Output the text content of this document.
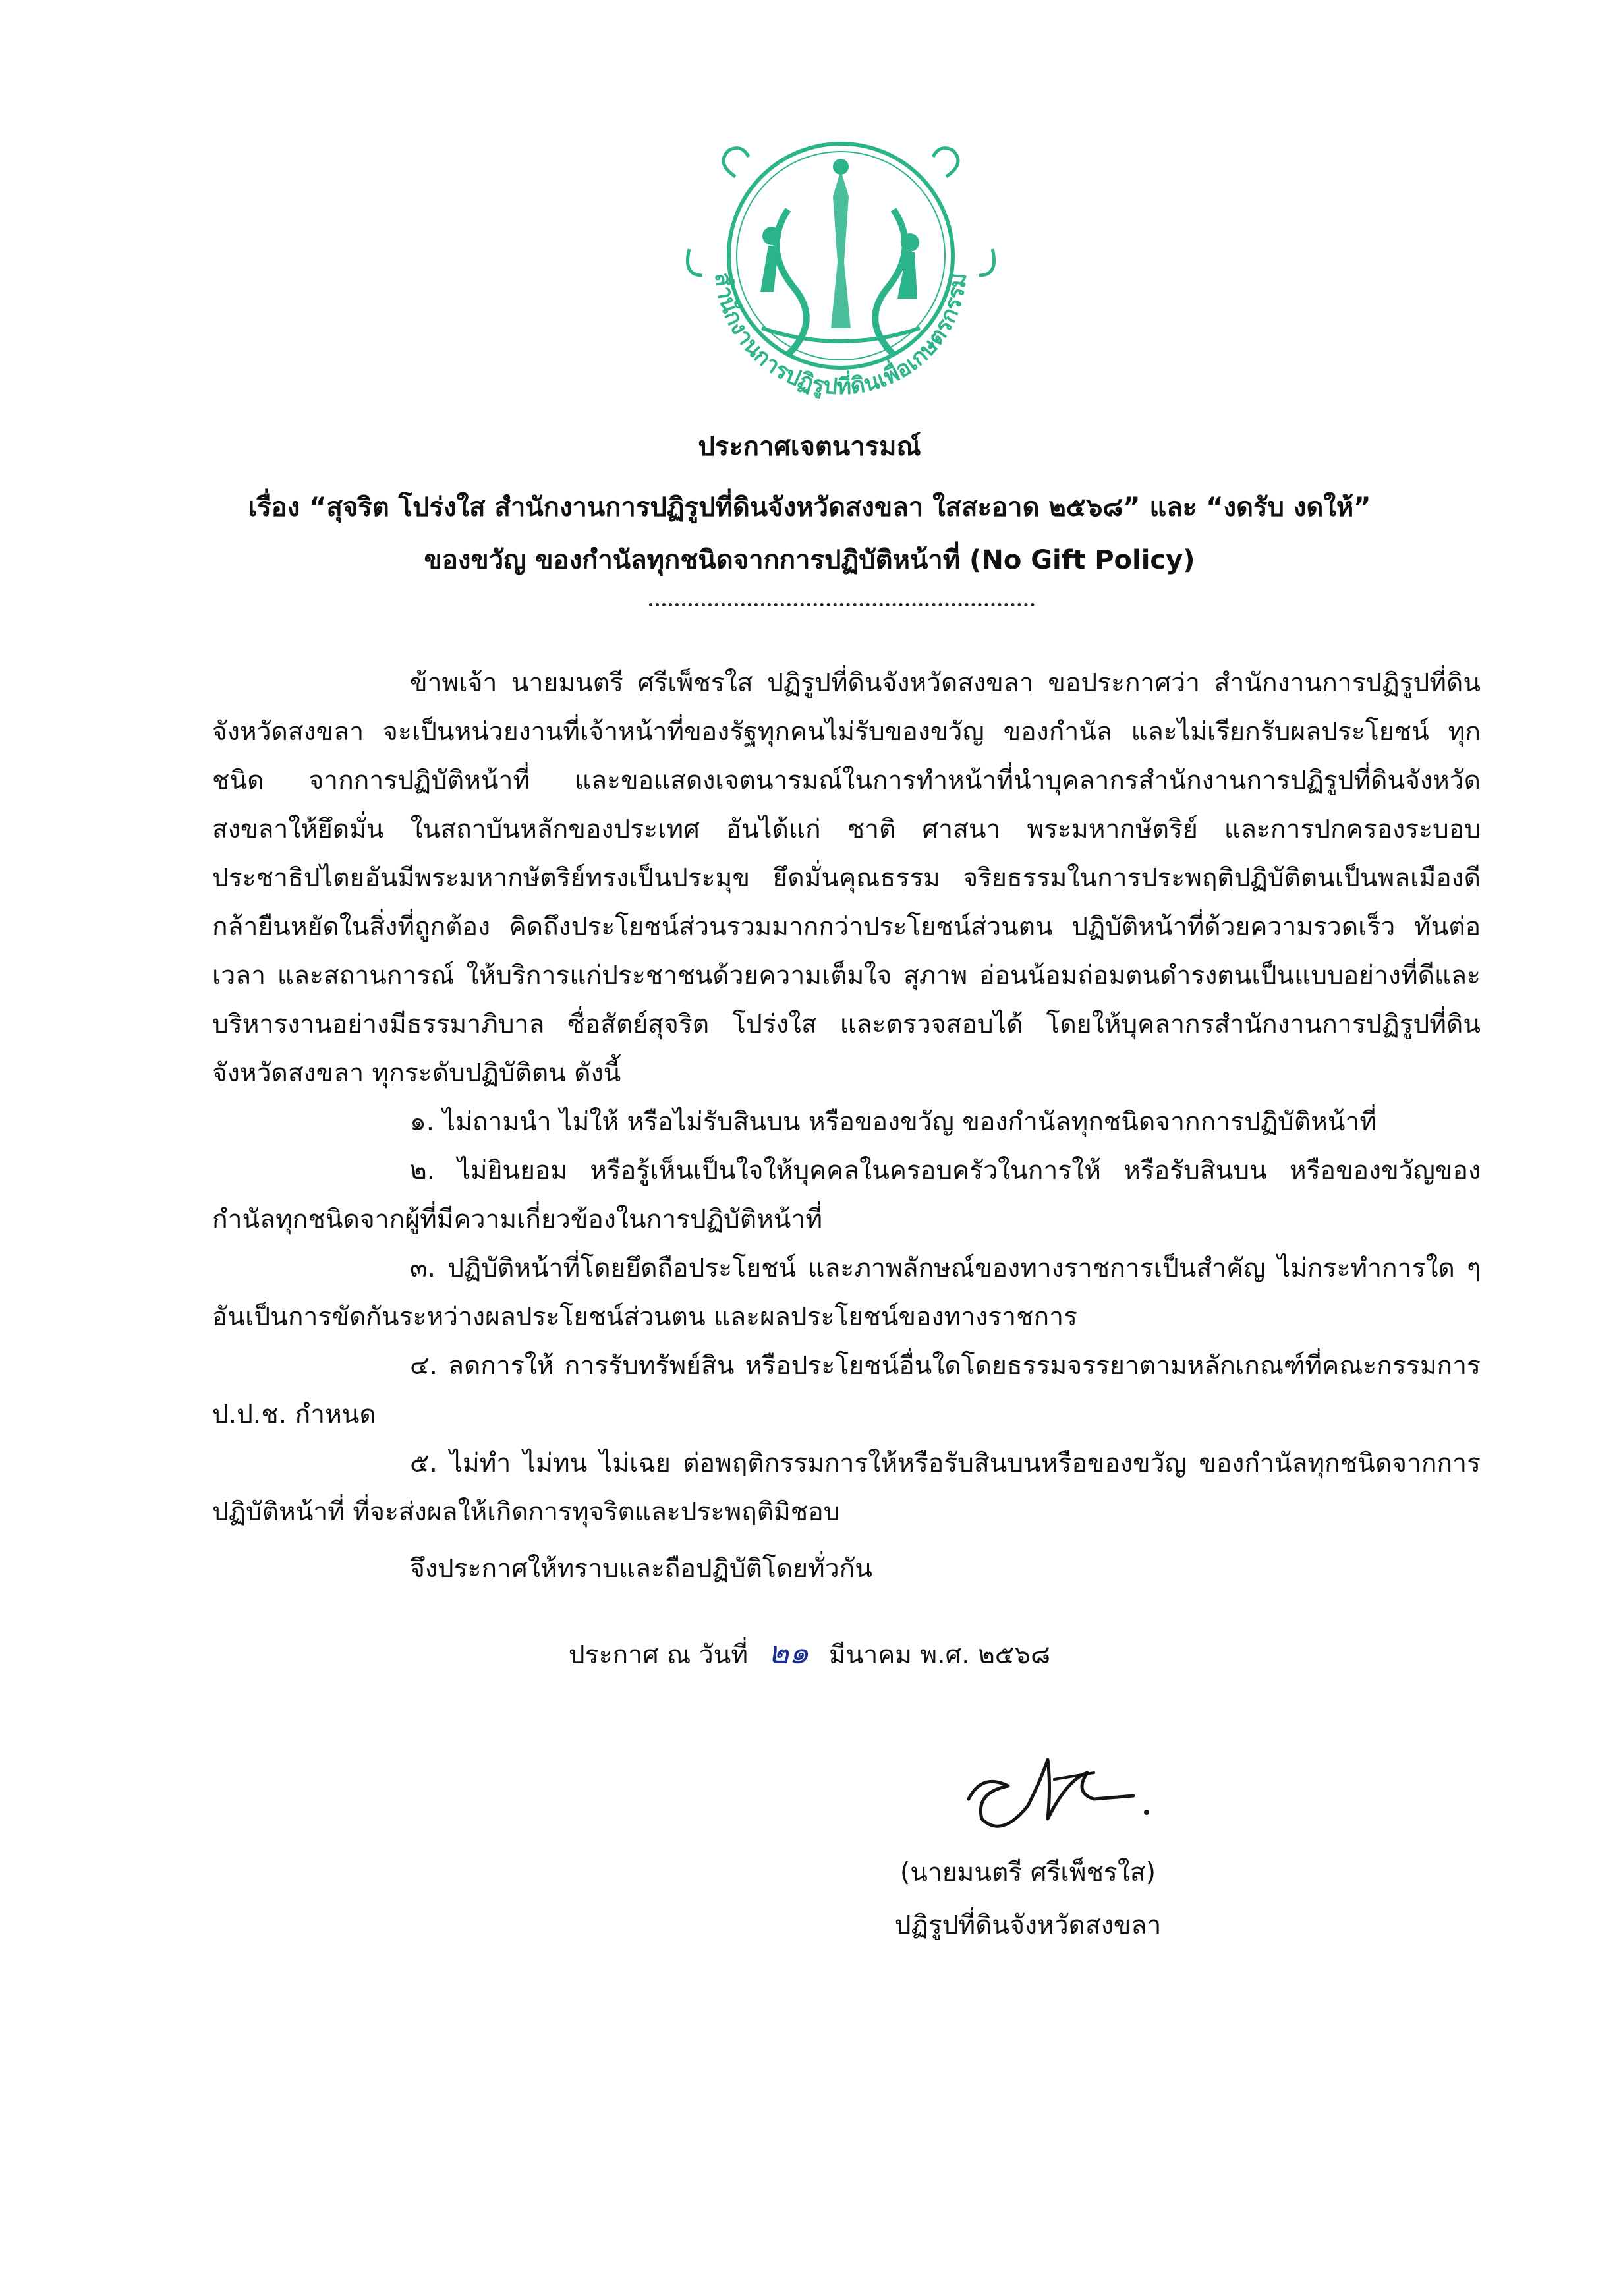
สำนักงานการปฏิรูปที่ดินเพื่อเกษตรกรรม
ประกาศเจตนารมณ์
เรื่อง “สุจริต โปร่งใส สำนักงานการปฏิรูปที่ดินจังหวัดสงขลา ใสสะอาด ๒๕๖๘” และ “งดรับ งดให้”
ของขวัญ ของกำนัลทุกชนิดจากการปฏิบัติหน้าที่ (No Gift Policy)

ข้าพเจ้า นายมนตรี ศรีเพ็ชรใส ปฏิรูปที่ดินจังหวัดสงขลา ขอประกาศว่า สำนักงานการปฏิรูปที่ดินจังหวัดสงขลา จะเป็นหน่วยงานที่เจ้าหน้าที่ของรัฐทุกคนไม่รับของขวัญ ของกำนัล และไม่เรียกรับผลประโยชน์ ทุกชนิด จากการปฏิบัติหน้าที่ และขอแสดงเจตนารมณ์ในการทำหน้าที่นำบุคลากรสำนักงานการปฏิรูปที่ดินจังหวัดสงขลาให้ยึดมั่น ในสถาบันหลักของประเทศ อันได้แก่ ชาติ ศาสนา พระมหากษัตริย์ และการปกครองระบอบประชาธิปไตยอันมีพระมหากษัตริย์ทรงเป็นประมุข ยึดมั่นคุณธรรม จริยธรรมในการประพฤติปฏิบัติตนเป็นพลเมืองดี กล้ายืนหยัดในสิ่งที่ถูกต้อง คิดถึงประโยชน์ส่วนรวมมากกว่าประโยชน์ส่วนตน ปฏิบัติหน้าที่ด้วยความรวดเร็ว ทันต่อเวลา และสถานการณ์ ให้บริการแก่ประชาชนด้วยความเต็มใจ สุภาพ อ่อนน้อมถ่อมตนดำรงตนเป็นแบบอย่างที่ดีและบริหารงานอย่างมีธรรมาภิบาล ซื่อสัตย์สุจริต โปร่งใส และตรวจสอบได้ โดยให้บุคลากรสำนักงานการปฏิรูปที่ดินจังหวัดสงขลา ทุกระดับปฏิบัติตน ดังนี้

๑. ไม่ถามนำ ไม่ให้ หรือไม่รับสินบน หรือของขวัญ ของกำนัลทุกชนิดจากการปฏิบัติหน้าที่

๒. ไม่ยินยอม หรือรู้เห็นเป็นใจให้บุคคลในครอบครัวในการให้ หรือรับสินบน หรือของขวัญของกำนัลทุกชนิดจากผู้ที่มีความเกี่ยวข้องในการปฏิบัติหน้าที่

๓. ปฏิบัติหน้าที่โดยยึดถือประโยชน์ และภาพลักษณ์ของทางราชการเป็นสำคัญ ไม่กระทำการใด ๆ อันเป็นการขัดกันระหว่างผลประโยชน์ส่วนตน และผลประโยชน์ของทางราชการ

๔. ลดการให้ การรับทรัพย์สิน หรือประโยชน์อื่นใดโดยธรรมจรรยาตามหลักเกณฑ์ที่คณะกรรมการ ป.ป.ช. กำหนด

๕. ไม่ทำ ไม่ทน ไม่เฉย ต่อพฤติกรรมการให้หรือรับสินบนหรือของขวัญ ของกำนัลทุกชนิดจากการปฏิบัติหน้าที่ ที่จะส่งผลให้เกิดการทุจริตและประพฤติมิชอบ

จึงประกาศให้ทราบและถือปฏิบัติโดยทั่วกัน

ประกาศ ณ วันที่ ๒๑ มีนาคม พ.ศ. ๒๕๖๘
(นายมนตรี ศรีเพ็ชรใส)
ปฏิรูปที่ดินจังหวัดสงขลา
